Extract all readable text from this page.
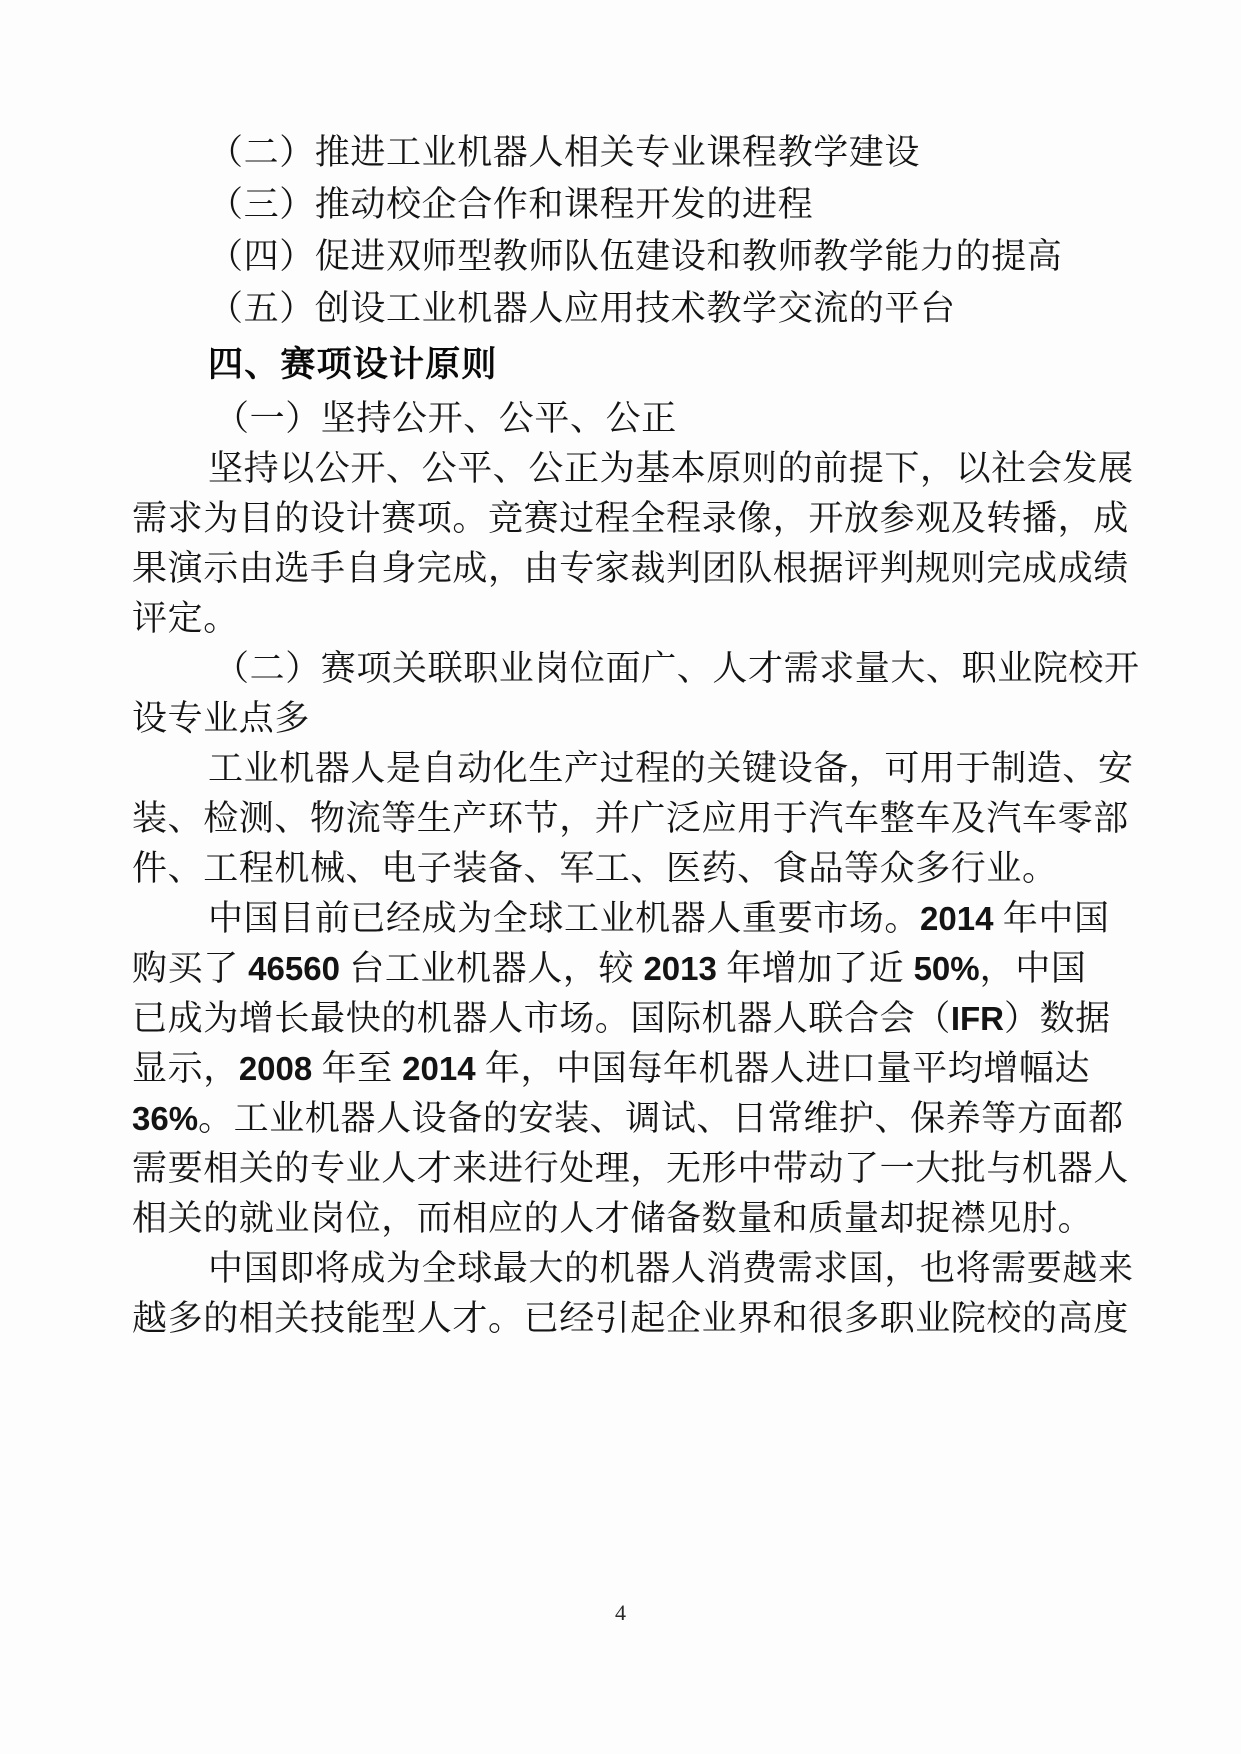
（二）推进工业机器人相关专业课程教学建设
（三）推动校企合作和课程开发的进程
（四）促进双师型教师队伍建设和教师教学能力的提高
（五）创设工业机器人应用技术教学交流的平台
四、赛项设计原则
（一）坚持公开、公平、公正
坚持以公开、公平、公正为基本原则的前提下，以社会发展
需求为目的设计赛项。竞赛过程全程录像，开放参观及转播，成
果演示由选手自身完成，由专家裁判团队根据评判规则完成成绩
评定。
（二）赛项关联职业岗位面广、人才需求量大、职业院校开
设专业点多
工业机器人是自动化生产过程的关键设备，可用于制造、安
装、检测、物流等生产环节，并广泛应用于汽车整车及汽车零部
件、工程机械、电子装备、军工、医药、食品等众多行业。
中国目前已经成为全球工业机器人重要市场。2014 年中国
购买了 46560 台工业机器人，较 2013 年增加了近 50%，中国
已成为增长最快的机器人市场。国际机器人联合会（IFR）数据
显示，2008 年至 2014 年，中国每年机器人进口量平均增幅达
36%。工业机器人设备的安装、调试、日常维护、保养等方面都
需要相关的专业人才来进行处理，无形中带动了一大批与机器人
相关的就业岗位，而相应的人才储备数量和质量却捉襟见肘。
中国即将成为全球最大的机器人消费需求国，也将需要越来
越多的相关技能型人才。已经引起企业界和很多职业院校的高度
4
